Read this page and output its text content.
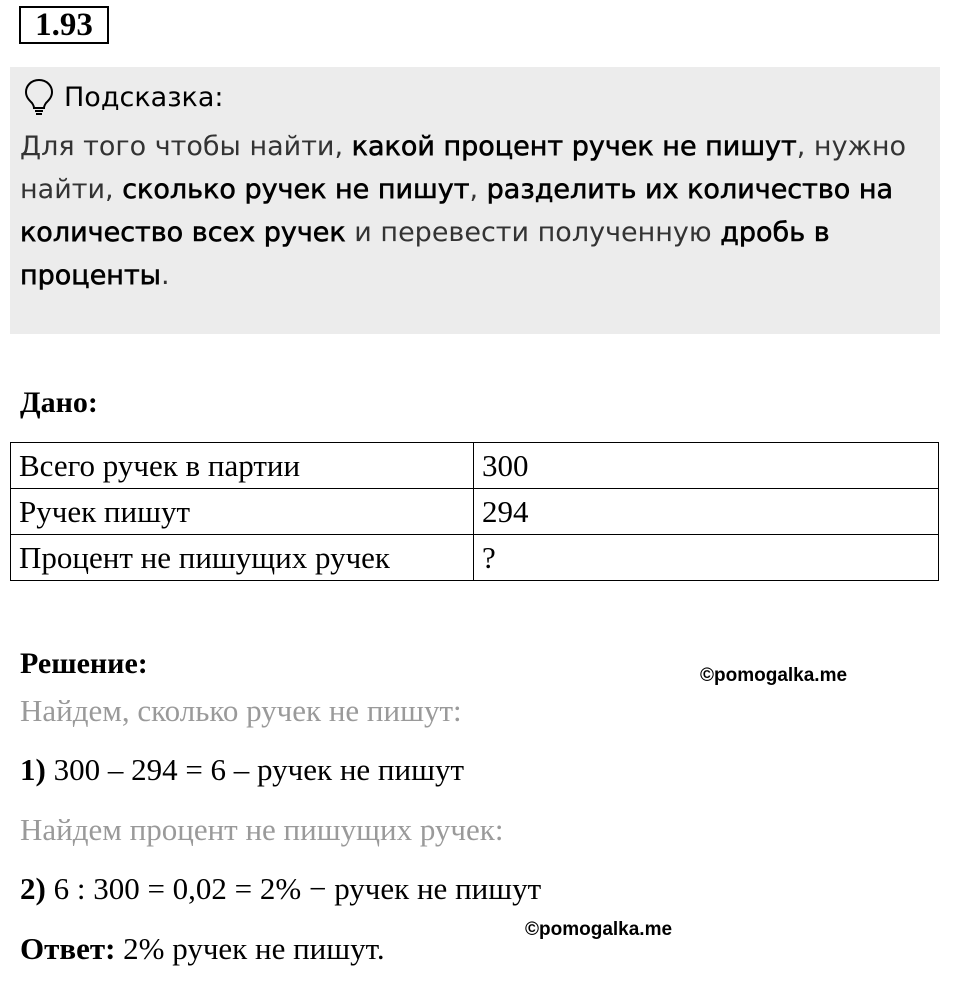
1.93
Подсказка:
Для того чтобы найти, какой процент ручек не пишут, нужно найти, сколько ручек не пишут, разделить их количество на количество всех ручек и перевести полученную дробь в проценты.
Дано:
Всего ручек в партии	300
Ручек пишут	294
Процент не пишущих ручек	?
Решение:	©pomogalka.me
Найдем, сколько ручек не пишут:
1) 300 – 294 = 6 – ручек не пишут
Найдем процент не пишущих ручек:
2) 6 : 300 = 0,02 = 2% − ручек не пишут
©pomogalka.me
Ответ: 2% ручек не пишут.
